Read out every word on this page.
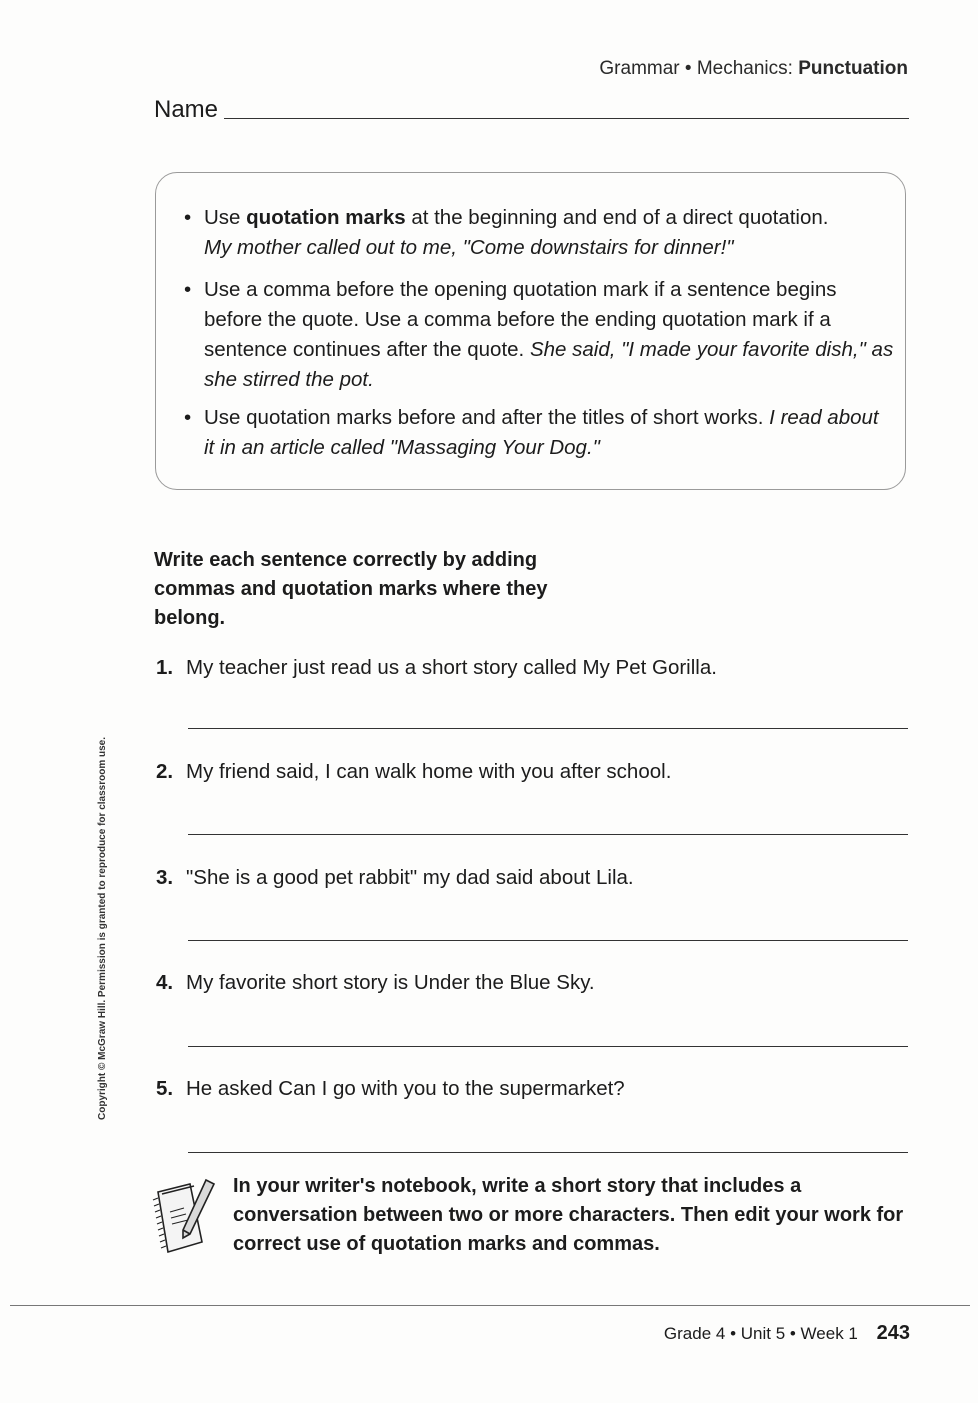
Grammar • Mechanics: Punctuation
Name
• Use quotation marks at the beginning and end of a direct quotation.
My mother called out to me, "Come downstairs for dinner!"
• Use a comma before the opening quotation mark if a sentence begins before the quote. Use a comma before the ending quotation mark if a sentence continues after the quote. She said, "I made your favorite dish," as she stirred the pot.
• Use quotation marks before and after the titles of short works. I read about it in an article called "Massaging Your Dog."
Write each sentence correctly by adding commas and quotation marks where they belong.
1. My teacher just read us a short story called My Pet Gorilla.
2. My friend said, I can walk home with you after school.
3. "She is a good pet rabbit" my dad said about Lila.
4. My favorite short story is Under the Blue Sky.
5. He asked Can I go with you to the supermarket?
Copyright © McGraw Hill. Permission is granted to reproduce for classroom use.
In your writer's notebook, write a short story that includes a conversation between two or more characters. Then edit your work for correct use of quotation marks and commas.
Grade 4 • Unit 5 • Week 1 243
